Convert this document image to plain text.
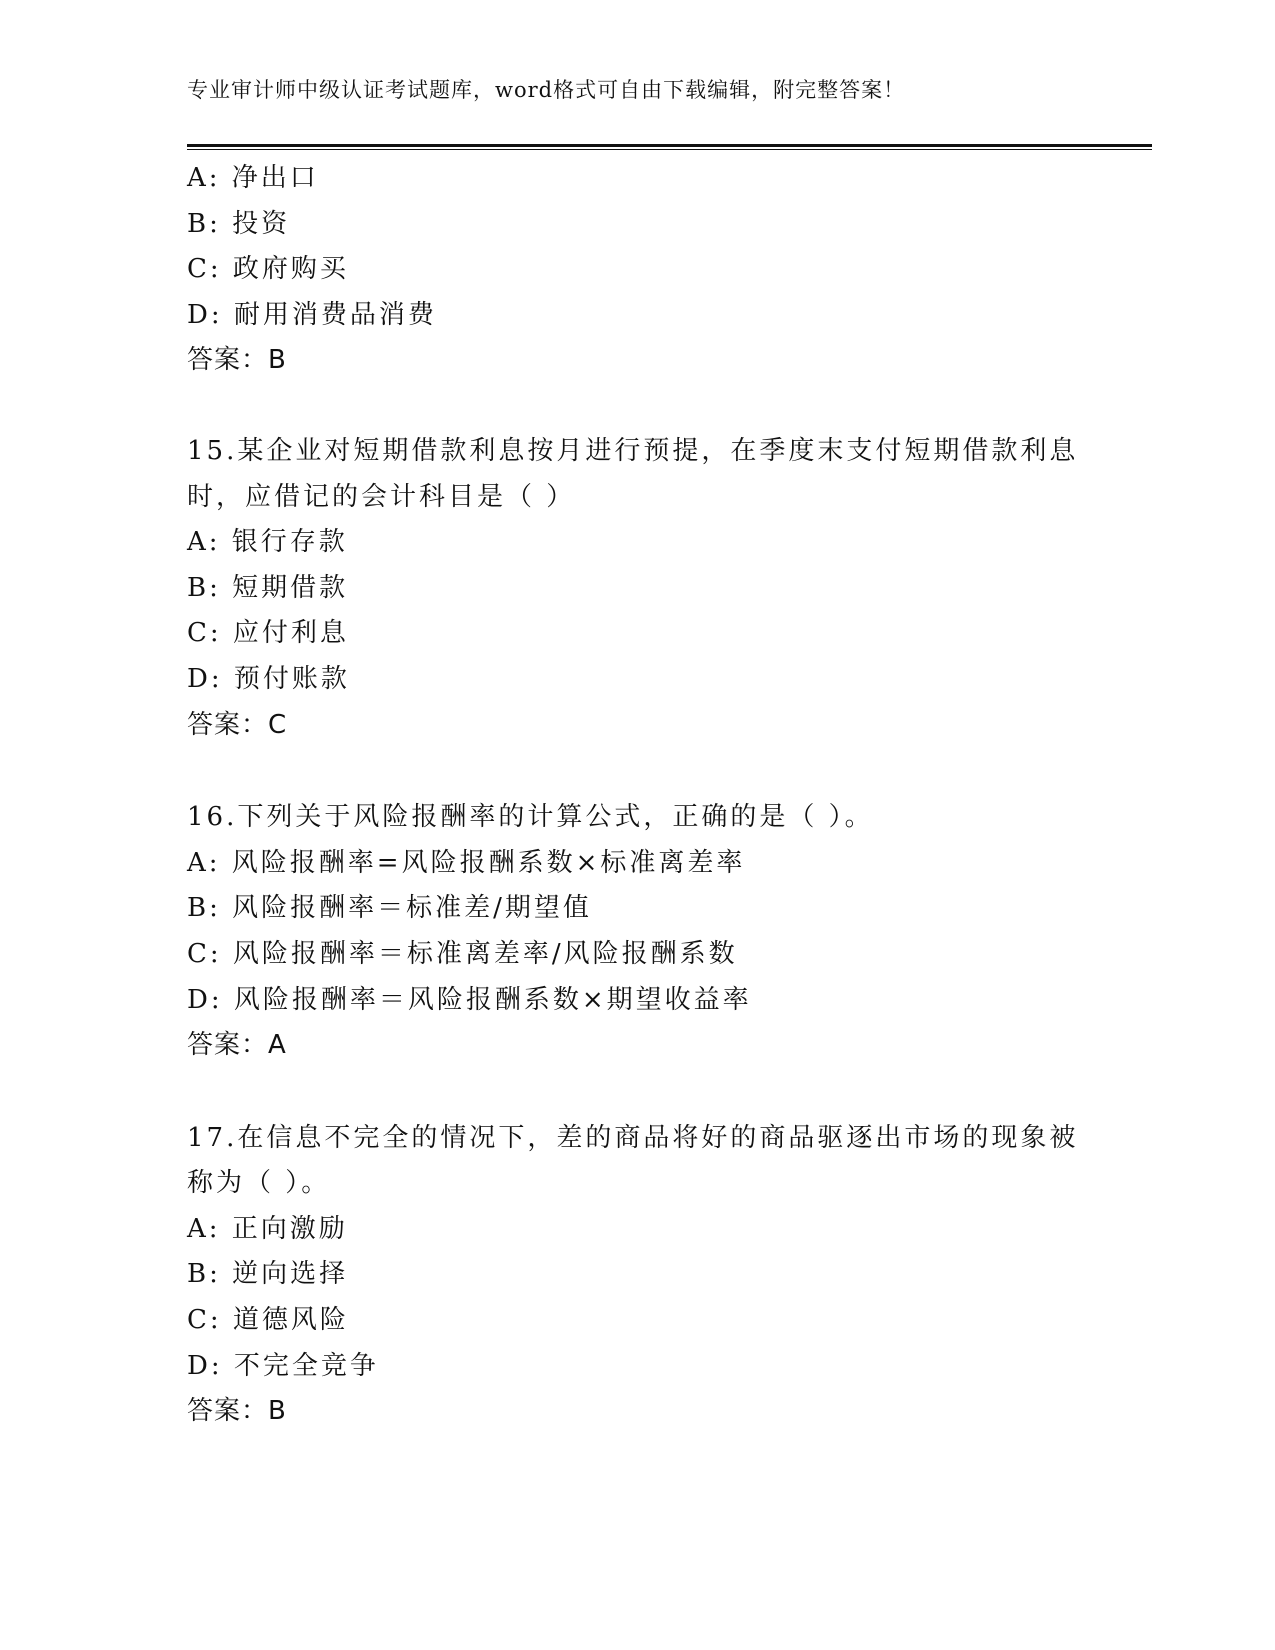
专业审计师中级认证考试题库，word格式可自由下载编辑，附完整答案！
A: 净出口
B: 投资
C: 政府购买
D: 耐用消费品消费
答案：B
15.某企业对短期借款利息按月进行预提，在季度末支付短期借款利息
时，应借记的会计科目是（ ）
A: 银行存款
B: 短期借款
C: 应付利息
D: 预付账款
答案：C
16.下列关于风险报酬率的计算公式，正确的是（ ）。
A: 风险报酬率=风险报酬系数×标准离差率
B: 风险报酬率＝标准差/期望值
C: 风险报酬率＝标准离差率/风险报酬系数
D: 风险报酬率＝风险报酬系数×期望收益率
答案：A
17.在信息不完全的情况下，差的商品将好的商品驱逐出市场的现象被
称为（ ）。
A: 正向激励
B: 逆向选择
C: 道德风险
D: 不完全竞争
答案：B
